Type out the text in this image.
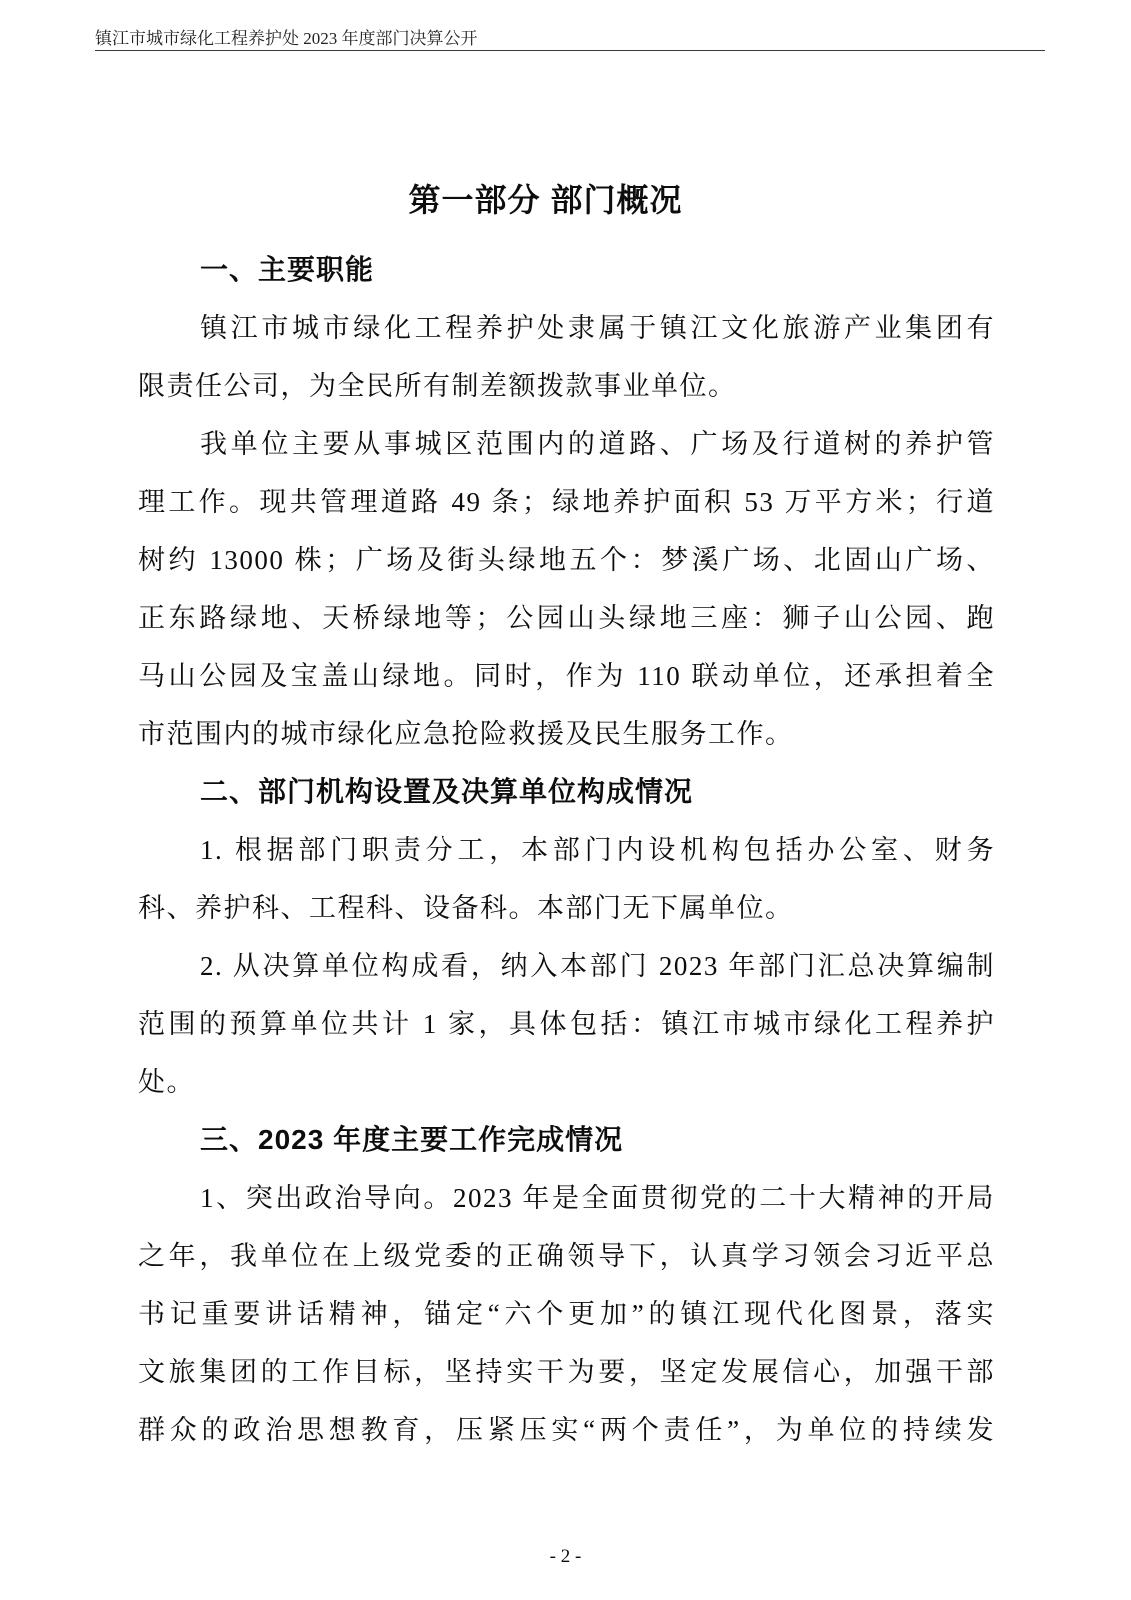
镇江市城市绿化工程养护处 2023 年度部门决算公开
第一部分 部门概况
一、主要职能
镇江市城市绿化工程养护处隶属于镇江文化旅游产业集团有
限责任公司，为全民所有制差额拨款事业单位。
我单位主要从事城区范围内的道路、广场及行道树的养护管
理工作。现共管理道路 49 条；绿地养护面积 53 万平方米；行道
树约 13000 株；广场及街头绿地五个：梦溪广场、北固山广场、
正东路绿地、天桥绿地等；公园山头绿地三座：狮子山公园、跑
马山公园及宝盖山绿地。同时，作为 110 联动单位，还承担着全
市范围内的城市绿化应急抢险救援及民生服务工作。
二、部门机构设置及决算单位构成情况
1. 根据部门职责分工，本部门内设机构包括办公室、财务
科、养护科、工程科、设备科。本部门无下属单位。
2. 从决算单位构成看，纳入本部门 2023 年部门汇总决算编制
范围的预算单位共计 1 家，具体包括：镇江市城市绿化工程养护
处。
三、2023 年度主要工作完成情况
1、突出政治导向。2023 年是全面贯彻党的二十大精神的开局
之年，我单位在上级党委的正确领导下，认真学习领会习近平总
书记重要讲话精神，锚定“六个更加”的镇江现代化图景，落实
文旅集团的工作目标，坚持实干为要，坚定发展信心，加强干部
群众的政治思想教育，压紧压实“两个责任”，为单位的持续发
- 2 -
